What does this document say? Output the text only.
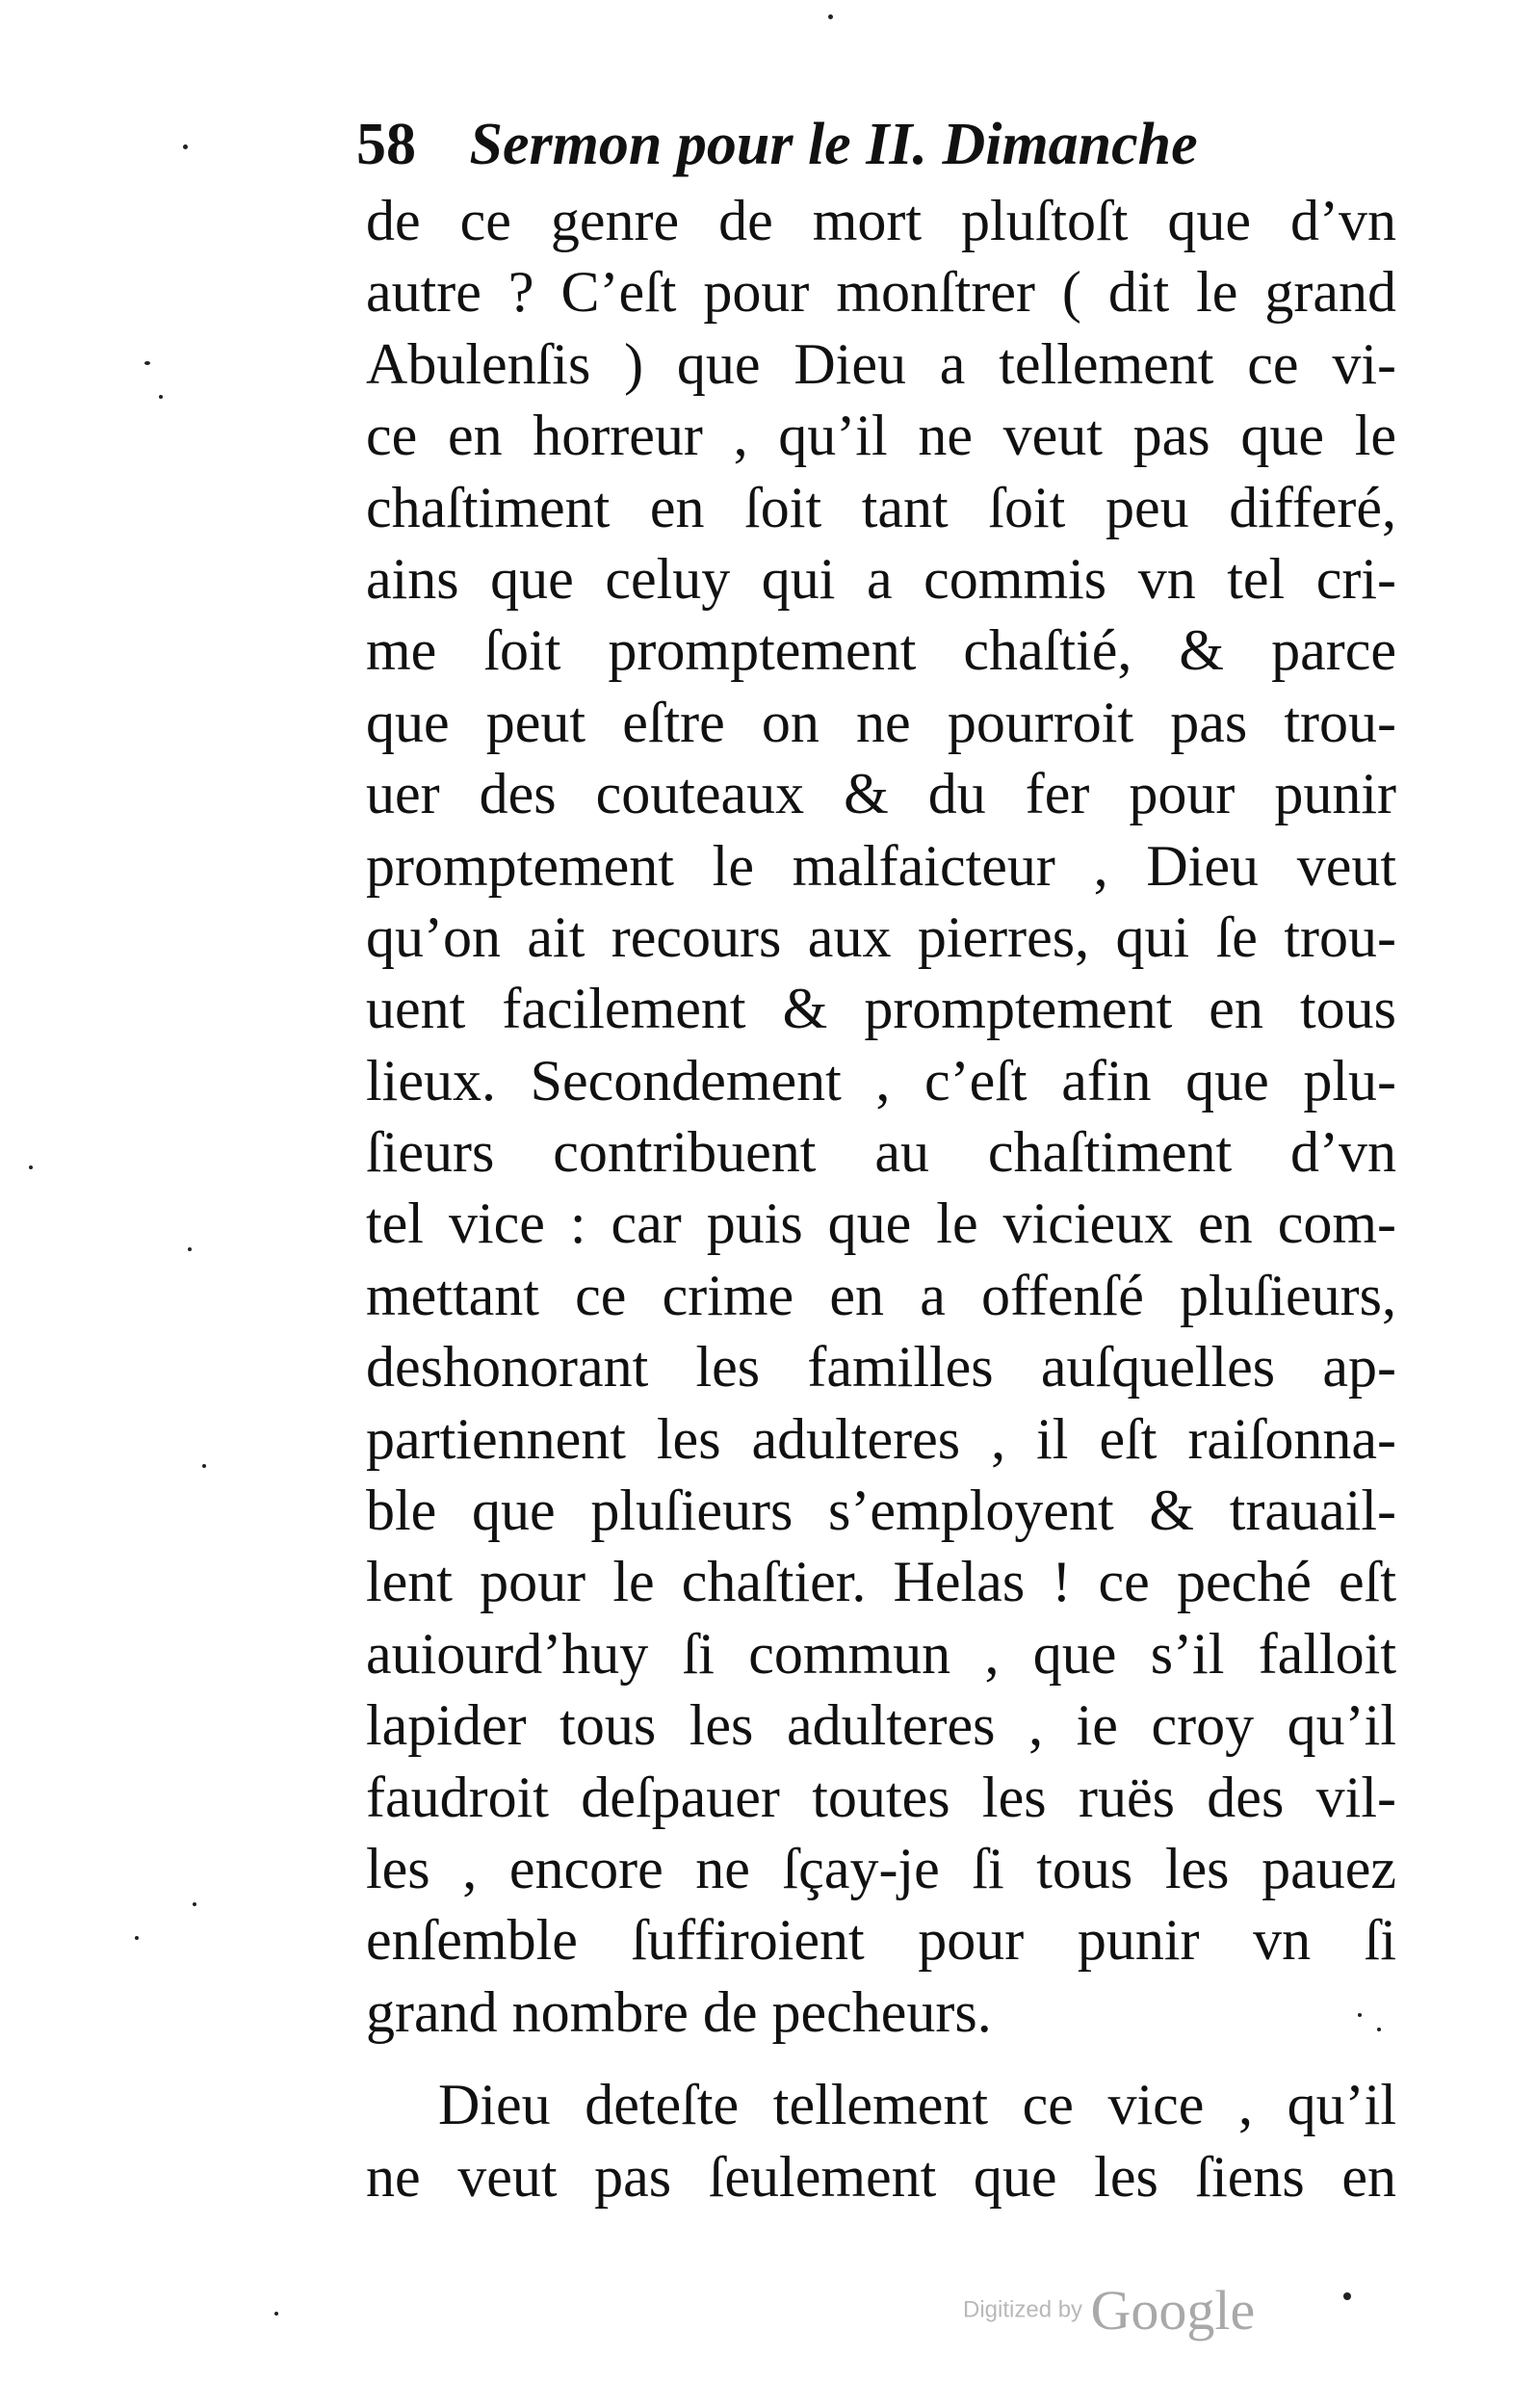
58 Sermon pour le II. Dimanche
de ce genre de mort pluſtoſt que d’vn
autre ? C’eſt pour monſtrer ( dit le grand
Abulenſis ) que Dieu a tellement ce vi-
ce en horreur , qu’il ne veut pas que le
chaſtiment en ſoit tant ſoit peu differé,
ains que celuy qui a commis vn tel cri-
me ſoit promptement chaſtié, & parce
que peut eſtre on ne pourroit pas trou-
uer des couteaux & du fer pour punir
promptement le malfaicteur , Dieu veut
qu’on ait recours aux pierres, qui ſe trou-
uent facilement & promptement en tous
lieux. Secondement , c’eſt afin que plu-
ſieurs contribuent au chaſtiment d’vn
tel vice : car puis que le vicieux en com-
mettant ce crime en a offenſé pluſieurs,
deshonorant les familles auſquelles ap-
partiennent les adulteres , il eſt raiſonna-
ble que pluſieurs s’employent & trauail-
lent pour le chaſtier. Helas ! ce peché eſt
auiourd’huy ſi commun , que s’il falloit
lapider tous les adulteres , ie croy qu’il
faudroit deſpauer toutes les ruës des vil-
les , encore ne ſçay-je ſi tous les pauez
enſemble ſuffiroient pour punir vn ſi
grand nombre de pecheurs.
Dieu deteſte tellement ce vice , qu’il
ne veut pas ſeulement que les ſiens en
Digitized by Google
